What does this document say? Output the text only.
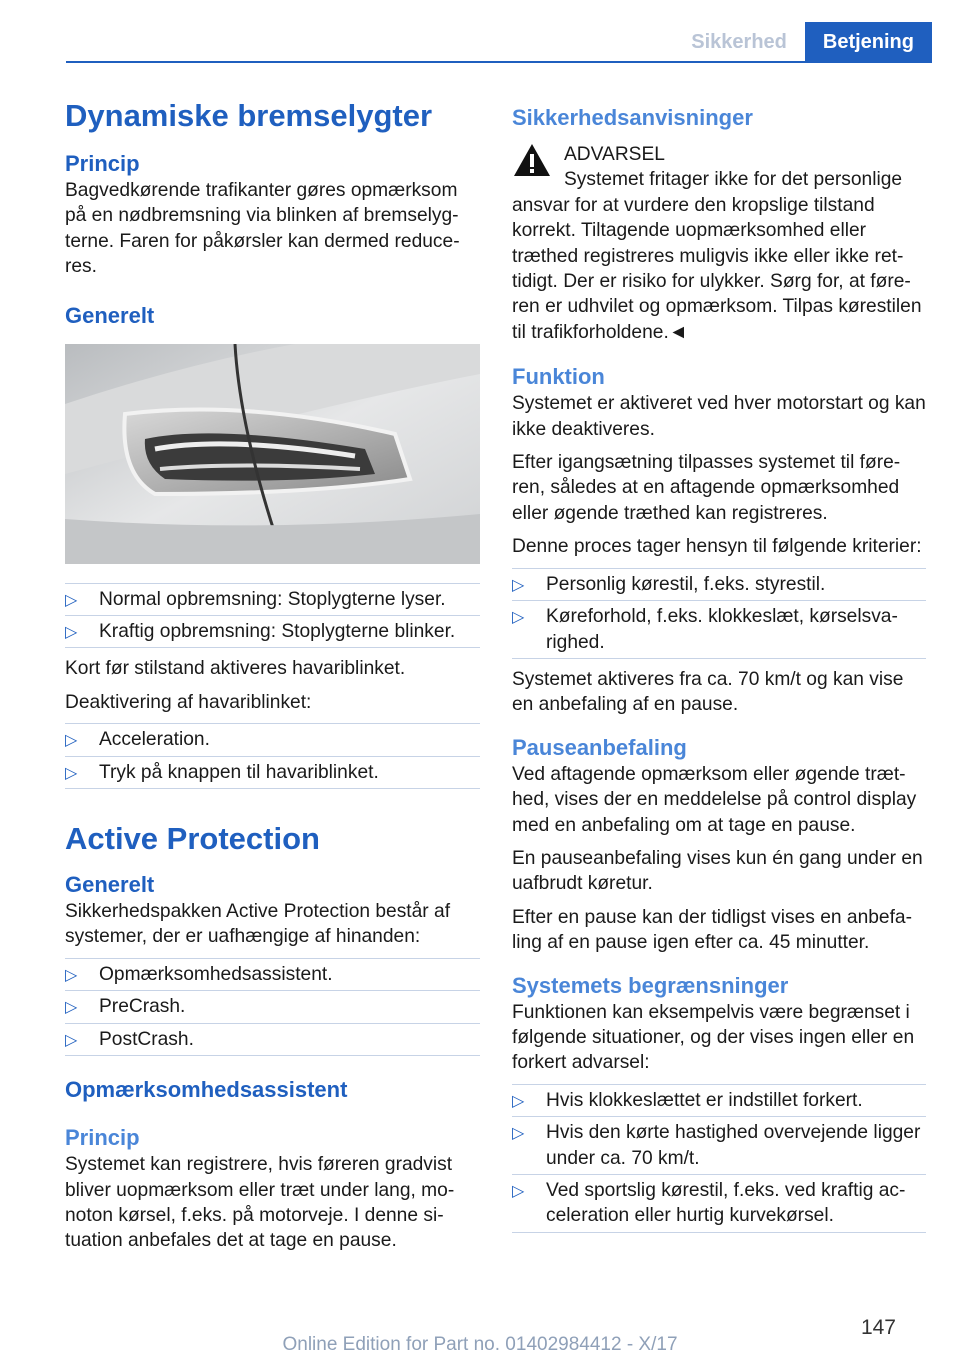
Sikkerhed	Betjening
Dynamiske bremselygter
Princip

Bagvedkørende trafikanter gøres opmærksom på en nødbremsning via blinken af bremselygterne. Faren for påkørsler kan dermed reduceres.

Generelt
▷ Normal opbremsning: Stoplygterne lyser.
▷ Kraftig opbremsning: Stoplygterne blinker.

Kort før stilstand aktiveres havariblinket.

Deaktivering af havariblinket:

▷ Acceleration.
▷ Tryk på knappen til havariblinket.
Active Protection
Generelt

Sikkerhedspakken Active Protection består af systemer, der er uafhængige af hinanden:

▷ Opmærksomhedsassistent.
▷ PreCrash.
▷ PostCrash.
Opmærksomhedsassistent
Princip

Systemet kan registrere, hvis føreren gradvist bliver uopmærksom eller træt under lang, monoton kørsel, f.eks. på motorveje. I denne situation anbefales det at tage en pause.

Sikkerhedsanvisninger

ADVARSEL

Systemet fritager ikke for det personlige

ansvar for at vurdere den kropslige tilstand korrekt. Tiltagende uopmærksomhed eller træthed registreres muligvis ikke eller ikke rettidigt. Der er risiko for ulykker. Sørg for, at føreren er udhvilet og opmærksom. Tilpas kørestilen til trafikforholdene.◄

Funktion

Systemet er aktiveret ved hver motorstart og kan ikke deaktiveres.

Efter igangsætning tilpasses systemet til føreren, således at en aftagende opmærksomhed eller øgende træthed kan registreres.

Denne proces tager hensyn til følgende kriterier:

▷ Personlig kørestil, f.eks. styrestil.
▷ Køreforhold, f.eks. klokkeslæt, kørselsvarighed.

Systemet aktiveres fra ca. 70 km/t og kan vise en anbefaling af en pause.

Pauseanbefaling

Ved aftagende opmærksom eller øgende træthed, vises der en meddelelse på control display med en anbefaling om at tage en pause.

En pauseanbefaling vises kun én gang under en uafbrudt køretur.

Efter en pause kan der tidligst vises en anbefaling af en pause igen efter ca. 45 minutter.

Systemets begrænsninger

Funktionen kan eksempelvis være begrænset i følgende situationer, og der vises ingen eller en forkert advarsel:

▷ Hvis klokkeslættet er indstillet forkert.
▷ Hvis den kørte hastighed overvejende ligger under ca. 70 km/t.
▷ Ved sportslig kørestil, f.eks. ved kraftig acceleration eller hurtig kurvekørsel.
147
Online Edition for Part no. 01402984412 - X/17
